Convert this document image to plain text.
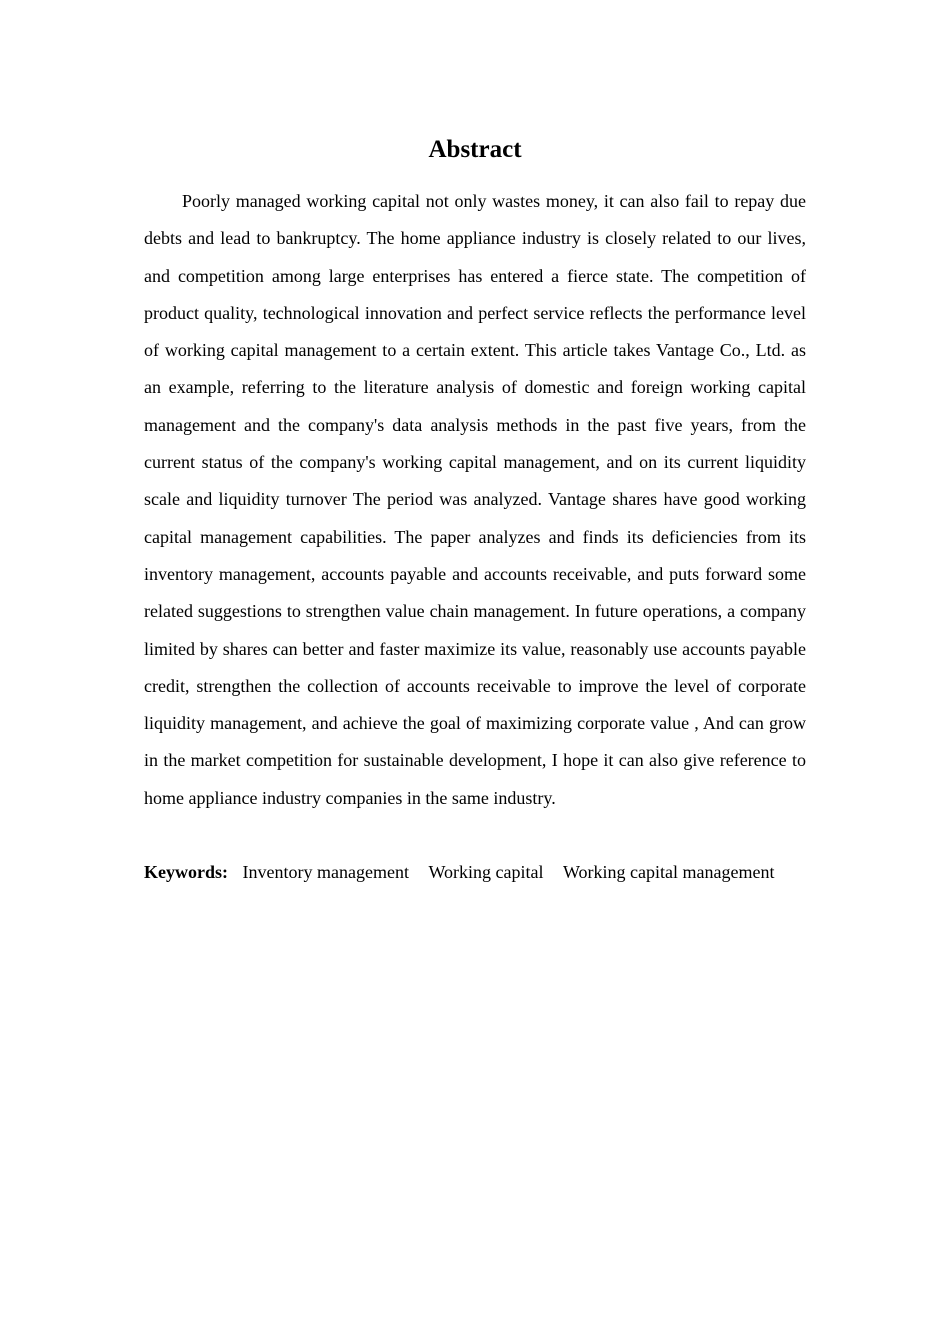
Abstract

Poorly managed working capital not only wastes money, it can also fail to repay due debts and lead to bankruptcy. The home appliance industry is closely related to our lives, and competition among large enterprises has entered a fierce state. The competition of product quality, technological innovation and perfect service reflects the performance level of working capital management to a certain extent. This article takes Vantage Co., Ltd. as an example, referring to the literature analysis of domestic and foreign working capital management and the company's data analysis methods in the past five years, from the current status of the company's working capital management, and on its current liquidity scale and liquidity turnover The period was analyzed. Vantage shares have good working capital management capabilities. The paper analyzes and finds its deficiencies from its inventory management, accounts payable and accounts receivable, and puts forward some related suggestions to strengthen value chain management. In future operations, a company limited by shares can better and faster maximize its value, reasonably use accounts payable credit, strengthen the collection of accounts receivable to improve the level of corporate liquidity management, and achieve the goal of maximizing corporate value , And can grow in the market competition for sustainable development, I hope it can also give reference to home appliance industry companies in the same industry.

Keywords: Inventory management Working capital Working capital management
